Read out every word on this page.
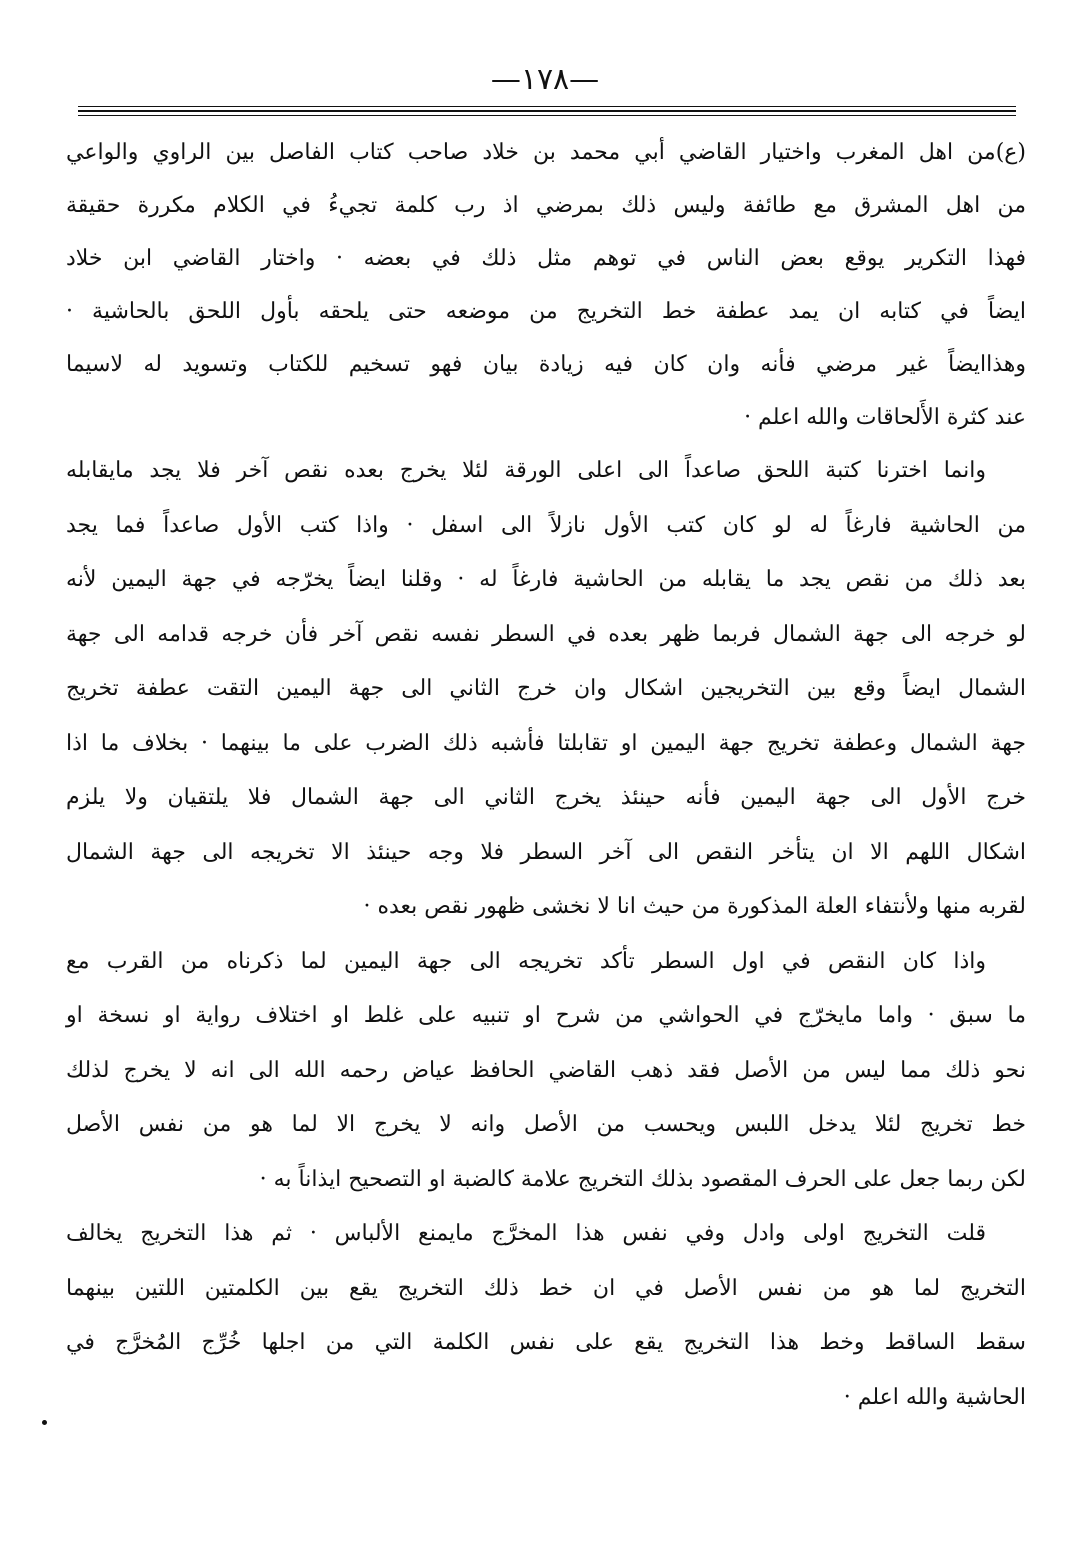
—١٧٨—
(ع)من اهل المغرب واختيار القاضي أبي محمد بن خلاد صاحب كتاب الفاصل بين الراوي والواعي
من اهل المشرق مع طائفة وليس ذلك بمرضي اذ رب كلمة تجيءُ في الكلام مكررة حقيقة
فهذا التكرير يوقع بعض الناس في توهم مثل ذلك في بعضه · واختار القاضي ابن خلاد
ايضاً في كتابه ان يمد عطفة خط التخريج من موضعه حتى يلحقه بأول اللحق بالحاشية ·
وهذاايضاً غير مرضي فأنه وان كان فيه زيادة بيان فهو تسخيم للكتاب وتسويد له لاسيما
عند كثرة الأَلحاقات والله اعلم ·
وانما اخترنا كتبة اللحق صاعداً الى اعلى الورقة لئلا يخرج بعده نقص آخر فلا يجد مايقابله
من الحاشية فارغاً له لو كان كتب الأول نازلاً الى اسفل · واذا كتب الأول صاعداً فما يجد
بعد ذلك من نقص يجد ما يقابله من الحاشية فارغاً له · وقلنا ايضاً يخرّجه في جهة اليمين لأنه
لو خرجه الى جهة الشمال فربما ظهر بعده في السطر نفسه نقص آخر فأن خرجه قدامه الى جهة
الشمال ايضاً وقع بين التخريجين اشكال وان خرج الثاني الى جهة اليمين التقت عطفة تخريج
جهة الشمال وعطفة تخريج جهة اليمين او تقابلتا فأشبه ذلك الضرب على ما بينهما · بخلاف ما اذا
خرج الأول الى جهة اليمين فأنه حينئذ يخرج الثاني الى جهة الشمال فلا يلتقيان ولا يلزم
اشكال اللهم الا ان يتأخر النقص الى آخر السطر فلا وجه حينئذ الا تخريجه الى جهة الشمال
لقربه منها ولأنتفاء العلة المذكورة من حيث انا لا نخشى ظهور نقص بعده ·
واذا كان النقص في اول السطر تأكد تخريجه الى جهة اليمين لما ذكرناه من القرب مع
ما سبق · واما مايخرّج في الحواشي من شرح او تنبيه على غلط او اختلاف رواية او نسخة او
نحو ذلك مما ليس من الأصل فقد ذهب القاضي الحافظ عياض رحمه الله الى انه لا يخرج لذلك
خط تخريج لئلا يدخل اللبس ويحسب من الأصل وانه لا يخرج الا لما هو من نفس الأصل
لكن ربما جعل على الحرف المقصود بذلك التخريج علامة كالضبة او التصحيح ايذاناً به ·
قلت التخريج اولى وادل وفي نفس هذا المخرَّج مايمنع الألباس · ثم هذا التخريج يخالف
التخريج لما هو من نفس الأصل في ان خط ذلك التخريج يقع بين الكلمتين اللتين بينهما
سقط الساقط وخط هذا التخريج يقع على نفس الكلمة التي من اجلها خُرِّج المُخرَّج في
الحاشية والله اعلم ·
